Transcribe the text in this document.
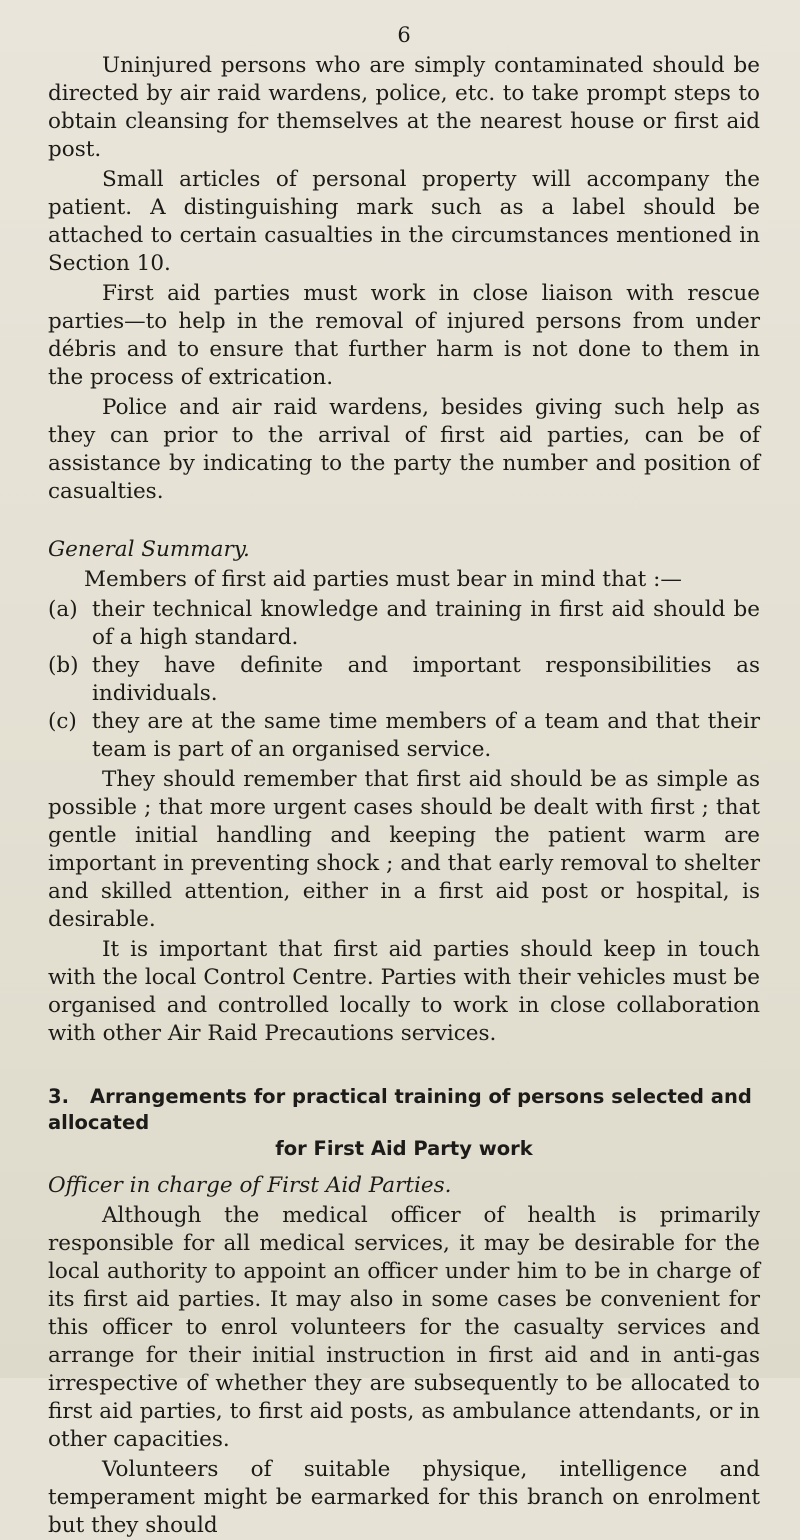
6

Uninjured persons who are simply contaminated should be directed by air raid wardens, police, etc. to take prompt steps to obtain cleansing for themselves at the nearest house or first aid post.

Small articles of personal property will accompany the patient. A distinguishing mark such as a label should be attached to certain casualties in the circumstances mentioned in Section 10.

First aid parties must work in close liaison with rescue parties—to help in the removal of injured persons from under débris and to ensure that further harm is not done to them in the process of extrication.

Police and air raid wardens, besides giving such help as they can prior to the arrival of first aid parties, can be of assistance by indicating to the party the number and position of casualties.

General Summary.

Members of first aid parties must bear in mind that :—

(a) their technical knowledge and training in first aid should be of a high standard.
(b) they have definite and important responsibilities as individuals.
(c) they are at the same time members of a team and that their team is part of an organised service.

They should remember that first aid should be as simple as possible ; that more urgent cases should be dealt with first ; that gentle initial handling and keeping the patient warm are important in preventing shock ; and that early removal to shelter and skilled attention, either in a first aid post or hospital, is desirable.

It is important that first aid parties should keep in touch with the local Control Centre. Parties with their vehicles must be organised and controlled locally to work in close collaboration with other Air Raid Precautions services.

3. Arrangements for practical training of persons selected and allocated
for First Aid Party work

Officer in charge of First Aid Parties.

Although the medical officer of health is primarily responsible for all medical services, it may be desirable for the local authority to appoint an officer under him to be in charge of its first aid parties. It may also in some cases be convenient for this officer to enrol volunteers for the casualty services and arrange for their initial instruction in first aid and in anti-gas irrespective of whether they are subsequently to be allocated to first aid parties, to first aid posts, as ambulance attendants, or in other capacities.

Volunteers of suitable physique, intelligence and temperament might be earmarked for this branch on enrolment but they should
